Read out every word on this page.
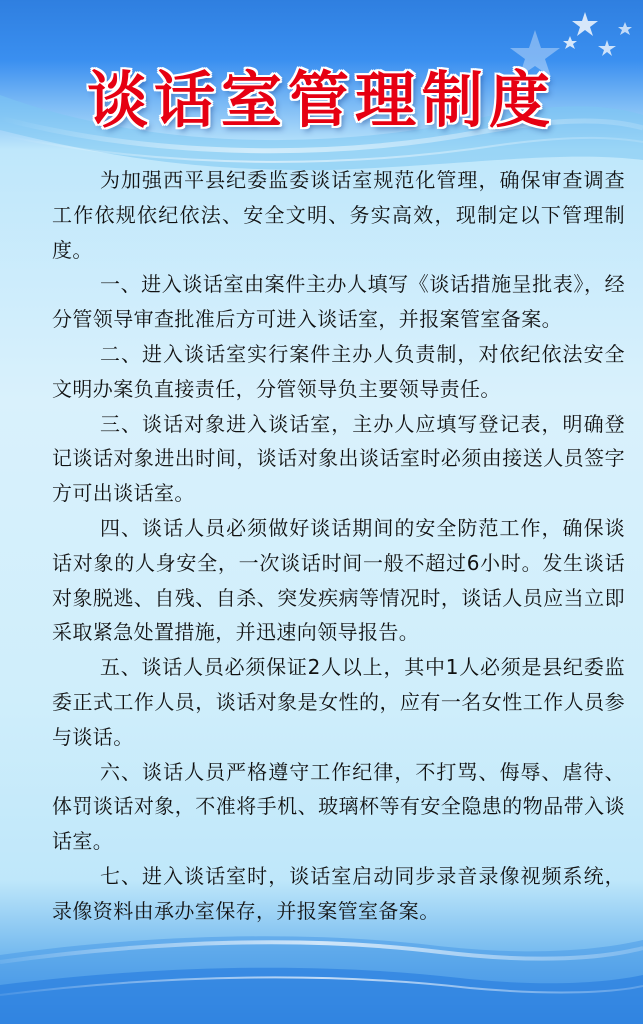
谈话室管理制度

为加强西平县纪委监委谈话室规范化管理，确保审查调查工作依规依纪依法、安全文明、务实高效，现制定以下管理制度。

一、进入谈话室由案件主办人填写《谈话措施呈批表》，经分管领导审查批准后方可进入谈话室，并报案管室备案。

二、进入谈话室实行案件主办人负责制，对依纪依法安全文明办案负直接责任，分管领导负主要领导责任。

三、谈话对象进入谈话室，主办人应填写登记表，明确登记谈话对象进出时间，谈话对象出谈话室时必须由接送人员签字方可出谈话室。

四、谈话人员必须做好谈话期间的安全防范工作，确保谈话对象的人身安全，一次谈话时间一般不超过6小时。发生谈话对象脱逃、自残、自杀、突发疾病等情况时，谈话人员应当立即采取紧急处置措施，并迅速向领导报告。

五、谈话人员必须保证2人以上，其中1人必须是县纪委监委正式工作人员，谈话对象是女性的，应有一名女性工作人员参与谈话。

六、谈话人员严格遵守工作纪律，不打骂、侮辱、虐待、体罚谈话对象，不准将手机、玻璃杯等有安全隐患的物品带入谈话室。

七、进入谈话室时，谈话室启动同步录音录像视频系统，录像资料由承办室保存，并报案管室备案。
